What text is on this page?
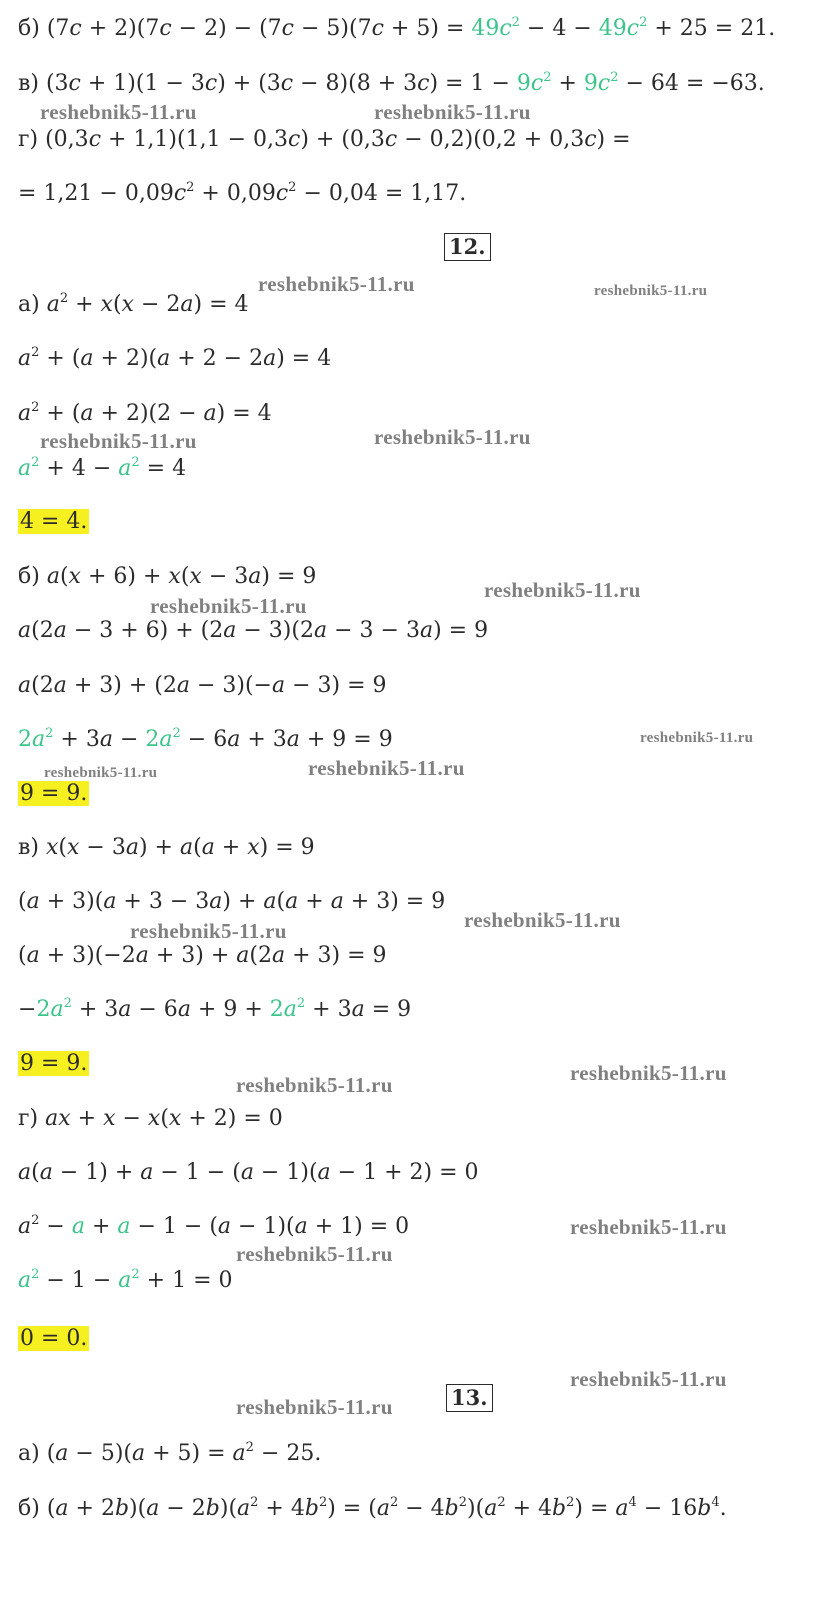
б) $(7c + 2)(7c - 2) - (7c - 5)(7c + 5) = 49c^2 - 4 - 49c^2 + 25 = 21$.
в) $(3c + 1)(1 - 3c) + (3c - 8)(8 + 3c) = 1 - 9c^2 + 9c^2 - 64 = -63$.
г) (0,3c + 1,1)(1,1 − 0,3c) + (0,3c − 0,2)(0,2 + 0,3c) =
= $1,21 - 0,09c^2 + 0,09c^2 - 0,04 = 1,17$.
12.
а) $a^2 + x(x - 2a) = 4$
$a^2 + (a + 2)(a + 2 - 2a) = 4$
$a^2 + (a + 2)(2 - a) = 4$
$a^2 + 4 - a^2 = 4$
4 = 4.
б) a(x + 6) + x(x − 3a) = 9
a(2a − 3 + 6) + (2a − 3)(2a − 3 − 3a) = 9
a(2a + 3) + (2a − 3)(−a − 3) = 9
$2a^2 + 3a - 2a^2 - 6a + 3a + 9 = 9$
9 = 9.
в) x(x − 3a) + a(a + x) = 9
(a + 3)(a + 3 − 3a) + a(a + a + 3) = 9
(a + 3)(−2a + 3) + a(2a + 3) = 9
$-2a^2 + 3a - 6a + 9 + 2a^2 + 3a = 9$
9 = 9.
г) ax + x − x(x + 2) = 0
a(a − 1) + a − 1 − (a − 1)(a − 1 + 2) = 0
$a^2 - a + a - 1 - (a - 1)(a + 1) = 0$
$a^2 - 1 - a^2 + 1 = 0$
0 = 0.
13.
а) $(a - 5)(a + 5) = a^2 - 25$.
б) $(a + 2b)(a - 2b)(a^2 + 4b^2) = (a^2 - 4b^2)(a^2 + 4b^2) = a^4 - 16b^4$.
reshebnik5-11.ru	reshebnik5-11.ru
reshebnik5-11.ru	reshebnik5-11.ru
reshebnik5-11.ru	reshebnik5-11.ru
reshebnik5-11.ru
reshebnik5-11.ru
reshebnik5-11.ru
reshebnik5-11.ru	reshebnik5-11.ru
reshebnik5-11.ru
reshebnik5-11.ru
reshebnik5-11.ru
reshebnik5-11.ru
reshebnik5-11.ru
reshebnik5-11.ru
reshebnik5-11.ru
reshebnik5-11.ru
